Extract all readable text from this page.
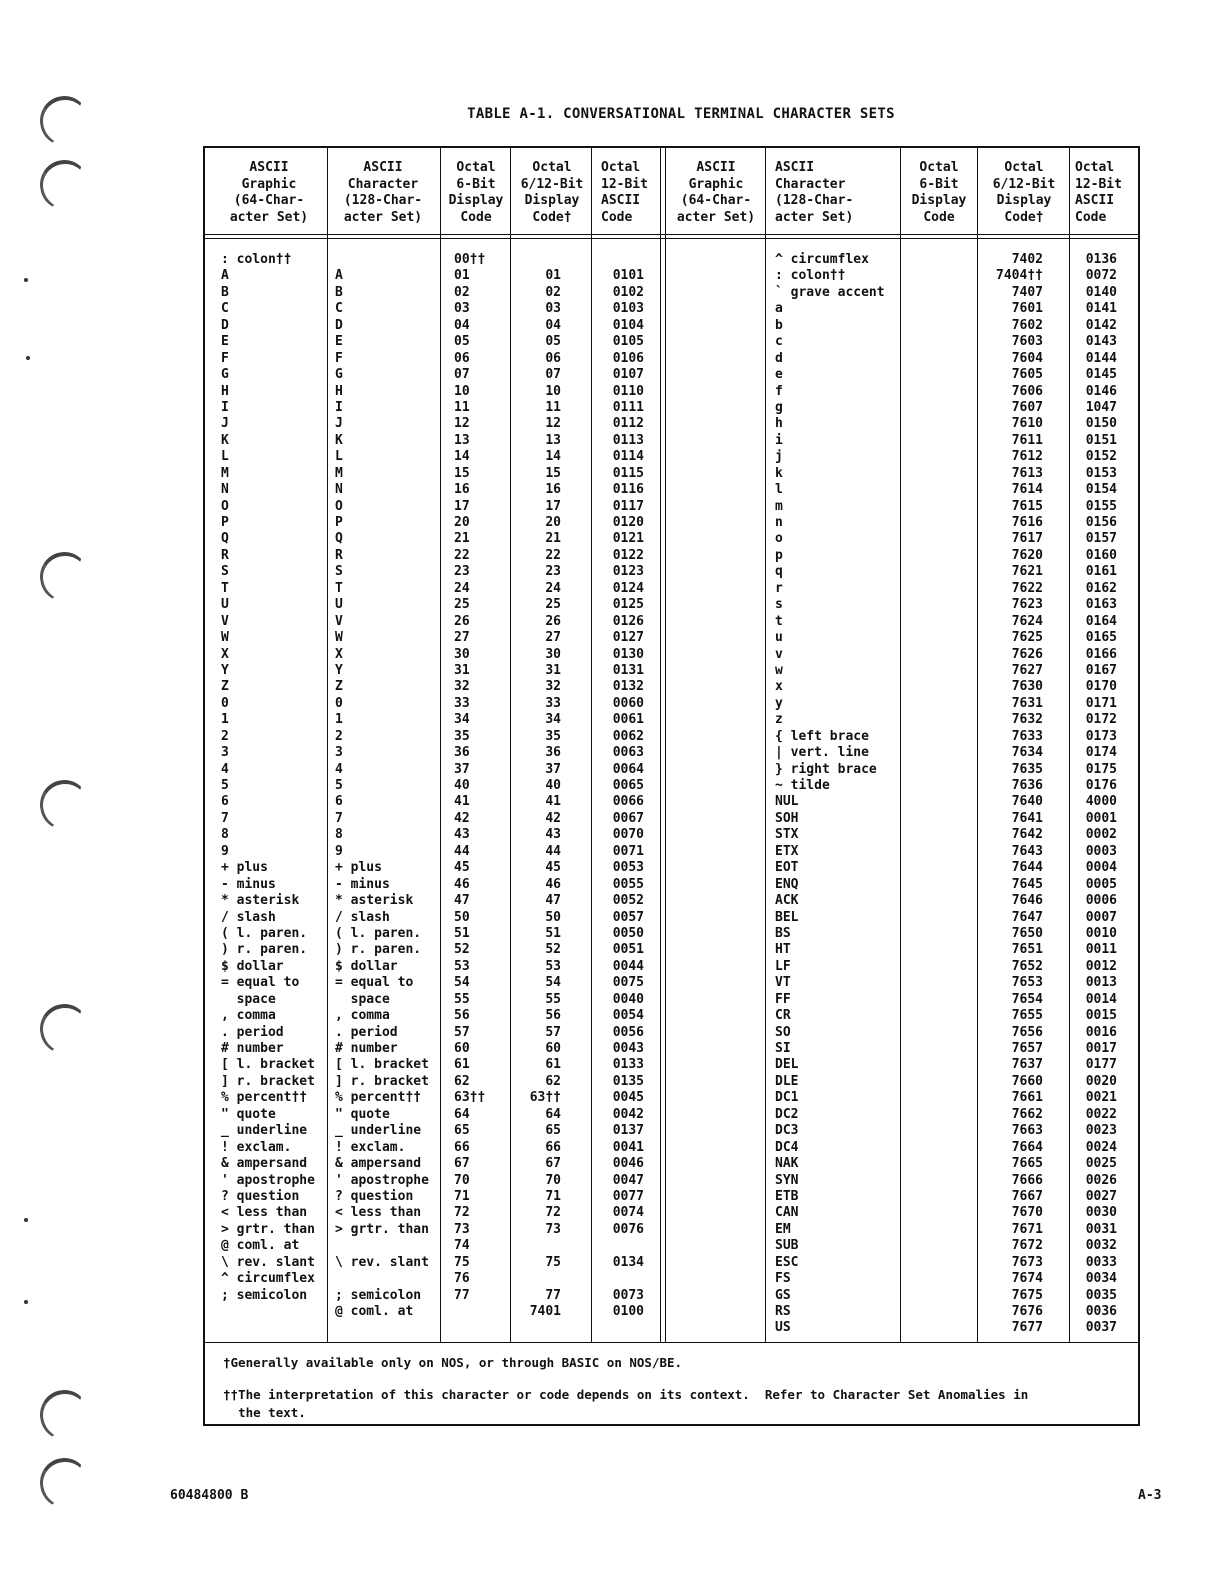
TABLE A-1. CONVERSATIONAL TERMINAL CHARACTER SETS
ASCII
Graphic
(64-Char-
acter Set)
ASCII
Character
(128-Char-
acter Set)
Octal
6-Bit
Display
Code
Octal
6/12-Bit
Display
Code†
Octal
12-Bit
ASCII
Code
ASCII
Graphic
(64-Char-
acter Set)
ASCII
Character
(128-Char-
acter Set)
Octal
6-Bit
Display
Code
Octal
6/12-Bit
Display
Code†
Octal
12-Bit
ASCII
Code
: colon††
A
B
C
D
E
F
G
H
I
J
K
L
M
N
O
P
Q
R
S
T
U
V
W
X
Y
Z
0
1
2
3
4
5
6
7
8
9
+ plus
- minus
* asterisk
/ slash
( l. paren.
) r. paren.
$ dollar
= equal to
space
, comma
. period
# number
[ l. bracket
] r. bracket
% percent††
" quote
_ underline
! exclam.
& ampersand
' apostrophe
? question
< less than
> grtr. than
@ coml. at
\ rev. slant
^ circumflex
; semicolon
A
B
C
D
E
F
G
H
I
J
K
L
M
N
O
P
Q
R
S
T
U
V
W
X
Y
Z
0
1
2
3
4
5
6
7
8
9
+ plus
- minus
* asterisk
/ slash
( l. paren.
) r. paren.
$ dollar
= equal to
space
, comma
. period
# number
[ l. bracket
] r. bracket
% percent††
" quote
_ underline
! exclam.
& ampersand
' apostrophe
? question
< less than
> grtr. than
\ rev. slant
; semicolon
@ coml. at
00††
01
02
03
04
05
06
07
10
11
12
13
14
15
16
17
20
21
22
23
24
25
26
27
30
31
32
33
34
35
36
37
40
41
42
43
44
45
46
47
50
51
52
53
54
55
56
57
60
61
62
63††
64
65
66
67
70
71
72
73
74
75
76
77
01
02
03
04
05
06
07
10
11
12
13
14
15
16
17
20
21
22
23
24
25
26
27
30
31
32
33
34
35
36
37
40
41
42
43
44
45
46
47
50
51
52
53
54
55
56
57
60
61
62
63††
64
65
66
67
70
71
72
73
75
77
7401
0101
0102
0103
0104
0105
0106
0107
0110
0111
0112
0113
0114
0115
0116
0117
0120
0121
0122
0123
0124
0125
0126
0127
0130
0131
0132
0060
0061
0062
0063
0064
0065
0066
0067
0070
0071
0053
0055
0052
0057
0050
0051
0044
0075
0040
0054
0056
0043
0133
0135
0045
0042
0137
0041
0046
0047
0077
0074
0076
0134
0073
0100
^ circumflex
: colon††
` grave accent
a
b
c
d
e
f
g
h
i
j
k
l
m
n
o
p
q
r
s
t
u
v
w
x
y
z
{ left brace
| vert. line
} right brace
~ tilde
NUL
SOH
STX
ETX
EOT
ENQ
ACK
BEL
BS
HT
LF
VT
FF
CR
SO
SI
DEL
DLE
DC1
DC2
DC3
DC4
NAK
SYN
ETB
CAN
EM
SUB
ESC
FS
GS
RS
US
7402
7404††
7407
7601
7602
7603
7604
7605
7606
7607
7610
7611
7612
7613
7614
7615
7616
7617
7620
7621
7622
7623
7624
7625
7626
7627
7630
7631
7632
7633
7634
7635
7636
7640
7641
7642
7643
7644
7645
7646
7647
7650
7651
7652
7653
7654
7655
7656
7657
7637
7660
7661
7662
7663
7664
7665
7666
7667
7670
7671
7672
7673
7674
7675
7676
7677
0136
0072
0140
0141
0142
0143
0144
0145
0146
1047
0150
0151
0152
0153
0154
0155
0156
0157
0160
0161
0162
0163
0164
0165
0166
0167
0170
0171
0172
0173
0174
0175
0176
4000
0001
0002
0003
0004
0005
0006
0007
0010
0011
0012
0013
0014
0015
0016
0017
0177
0020
0021
0022
0023
0024
0025
0026
0027
0030
0031
0032
0033
0034
0035
0036
0037
†Generally available only on NOS, or through BASIC on NOS/BE.
††The interpretation of this character or code depends on its context.  Refer to Character Set Anomalies in
the text.
60484800 B	A-3
